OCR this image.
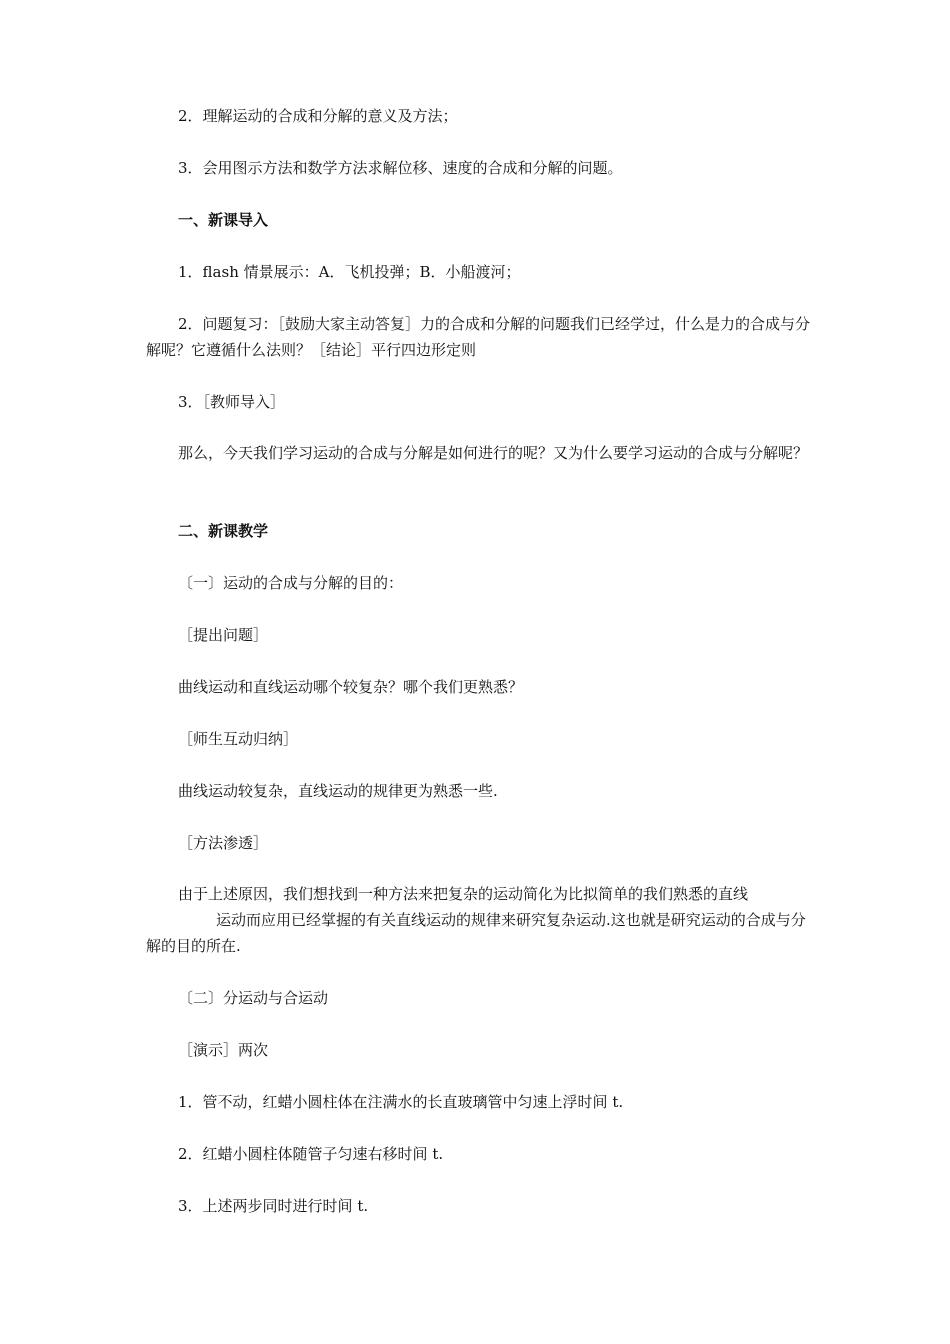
2．理解运动的合成和分解的意义及方法；

3．会用图示方法和数学方法求解位移、速度的合成和分解的问题。

一、新课导入

1．flash 情景展示：A．飞机投弹；B．小船渡河；

2．问题复习：［鼓励大家主动答复］力的合成和分解的问题我们已经学过，什么是力的合成与分解呢？它遵循什么法则？［结论］平行四边形定则

3．［教师导入］

那么，今天我们学习运动的合成与分解是如何进行的呢？又为什么要学习运动的合成与分解呢？

二、新课教学

〔一〕运动的合成与分解的目的：

［提出问题］

曲线运动和直线运动哪个较复杂？哪个我们更熟悉？

［师生互动归纳］

曲线运动较复杂，直线运动的规律更为熟悉一些.

［方法渗透］

由于上述原因，我们想找到一种方法来把复杂的运动简化为比拟简单的我们熟悉的直线运动而应用已经掌握的有关直线运动的规律来研究复杂运动.这也就是研究运动的合成与分解的目的所在.

〔二〕分运动与合运动

［演示］两次

1．管不动，红蜡小圆柱体在注满水的长直玻璃管中匀速上浮时间 t.

2．红蜡小圆柱体随管子匀速右移时间 t.

3．上述两步同时进行时间 t.
